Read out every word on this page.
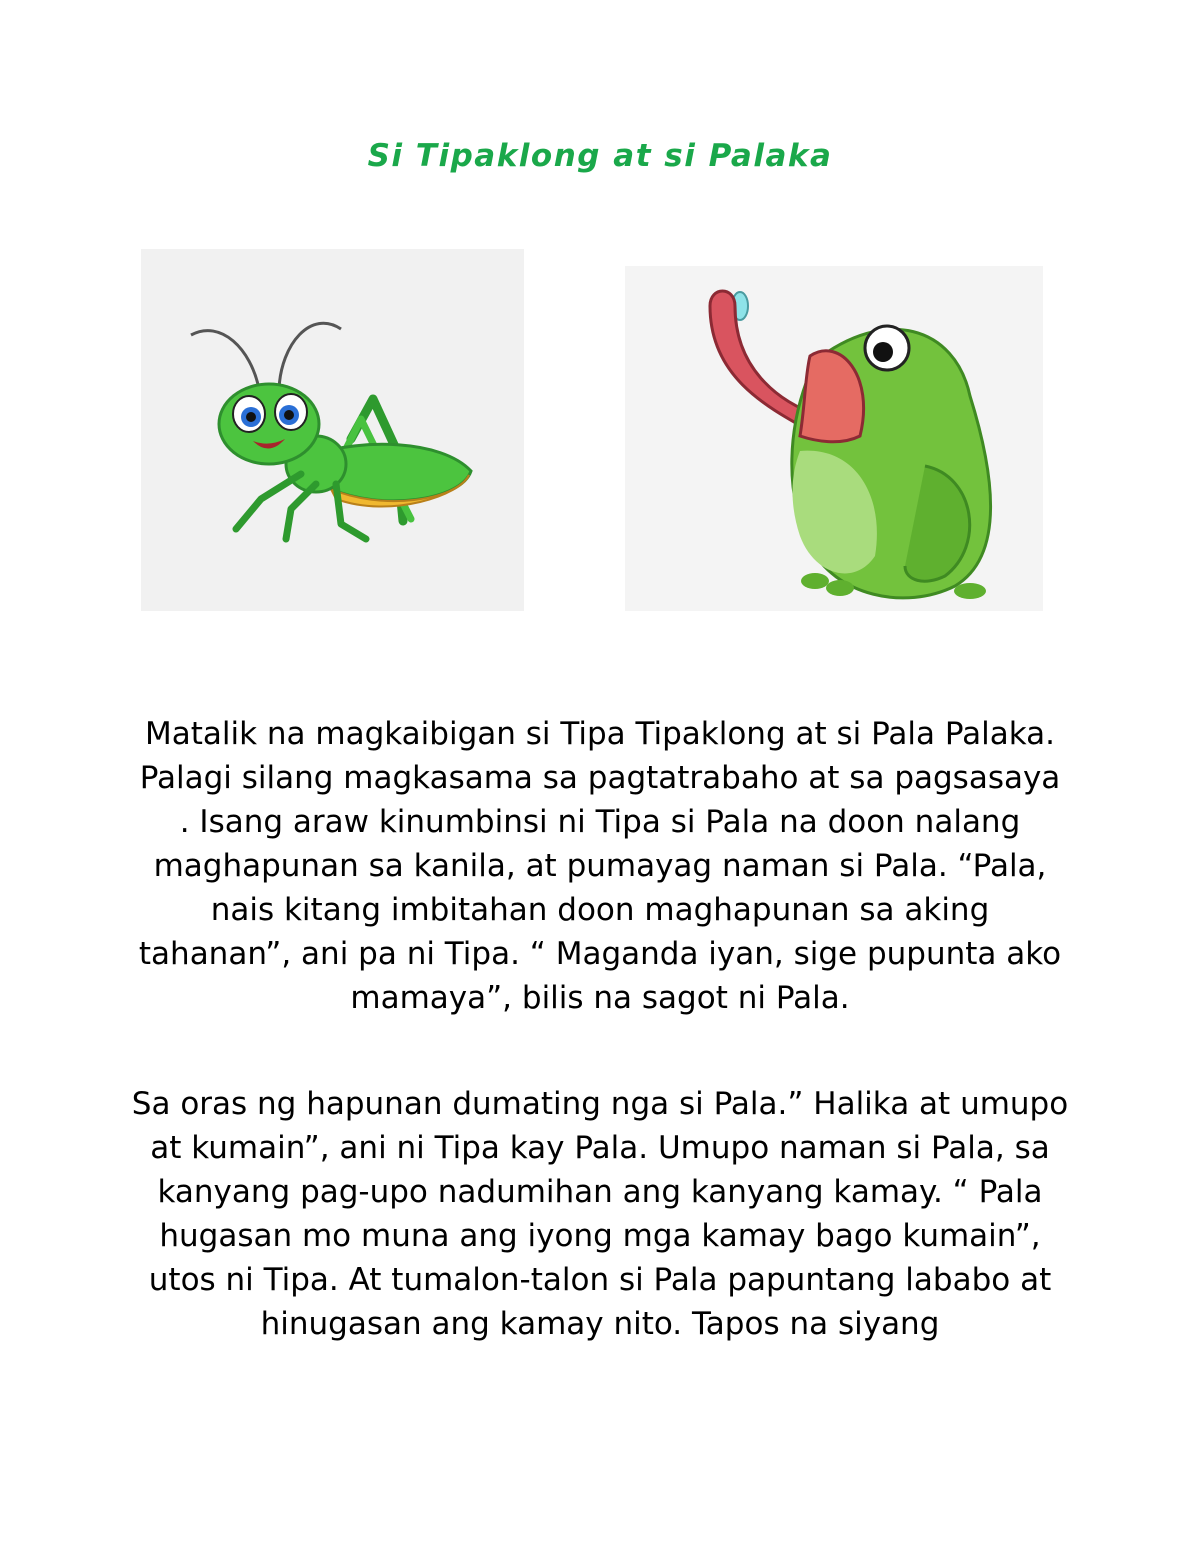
Si Tipaklong at si Palaka

Matalik na magkaibigan si Tipa Tipaklong at si Pala Palaka. Palagi silang magkasama sa pagtatrabaho at sa pagsasaya . Isang araw kinumbinsi ni Tipa si Pala na doon nalang maghapunan sa kanila, at pumayag naman si Pala. “Pala, nais kitang imbitahan doon maghapunan sa aking tahanan”, ani pa ni Tipa. “ Maganda iyan, sige pupunta ako mamaya”, bilis na sagot ni Pala.

Sa oras ng hapunan dumating nga si Pala.” Halika at umupo at kumain”, ani ni Tipa kay Pala. Umupo naman si Pala, sa kanyang pag-upo nadumihan ang kanyang kamay. “ Pala hugasan mo muna ang iyong mga kamay bago kumain”, utos ni Tipa. At tumalon-talon si Pala papuntang lababo at hinugasan ang kamay nito. Tapos na siyang
